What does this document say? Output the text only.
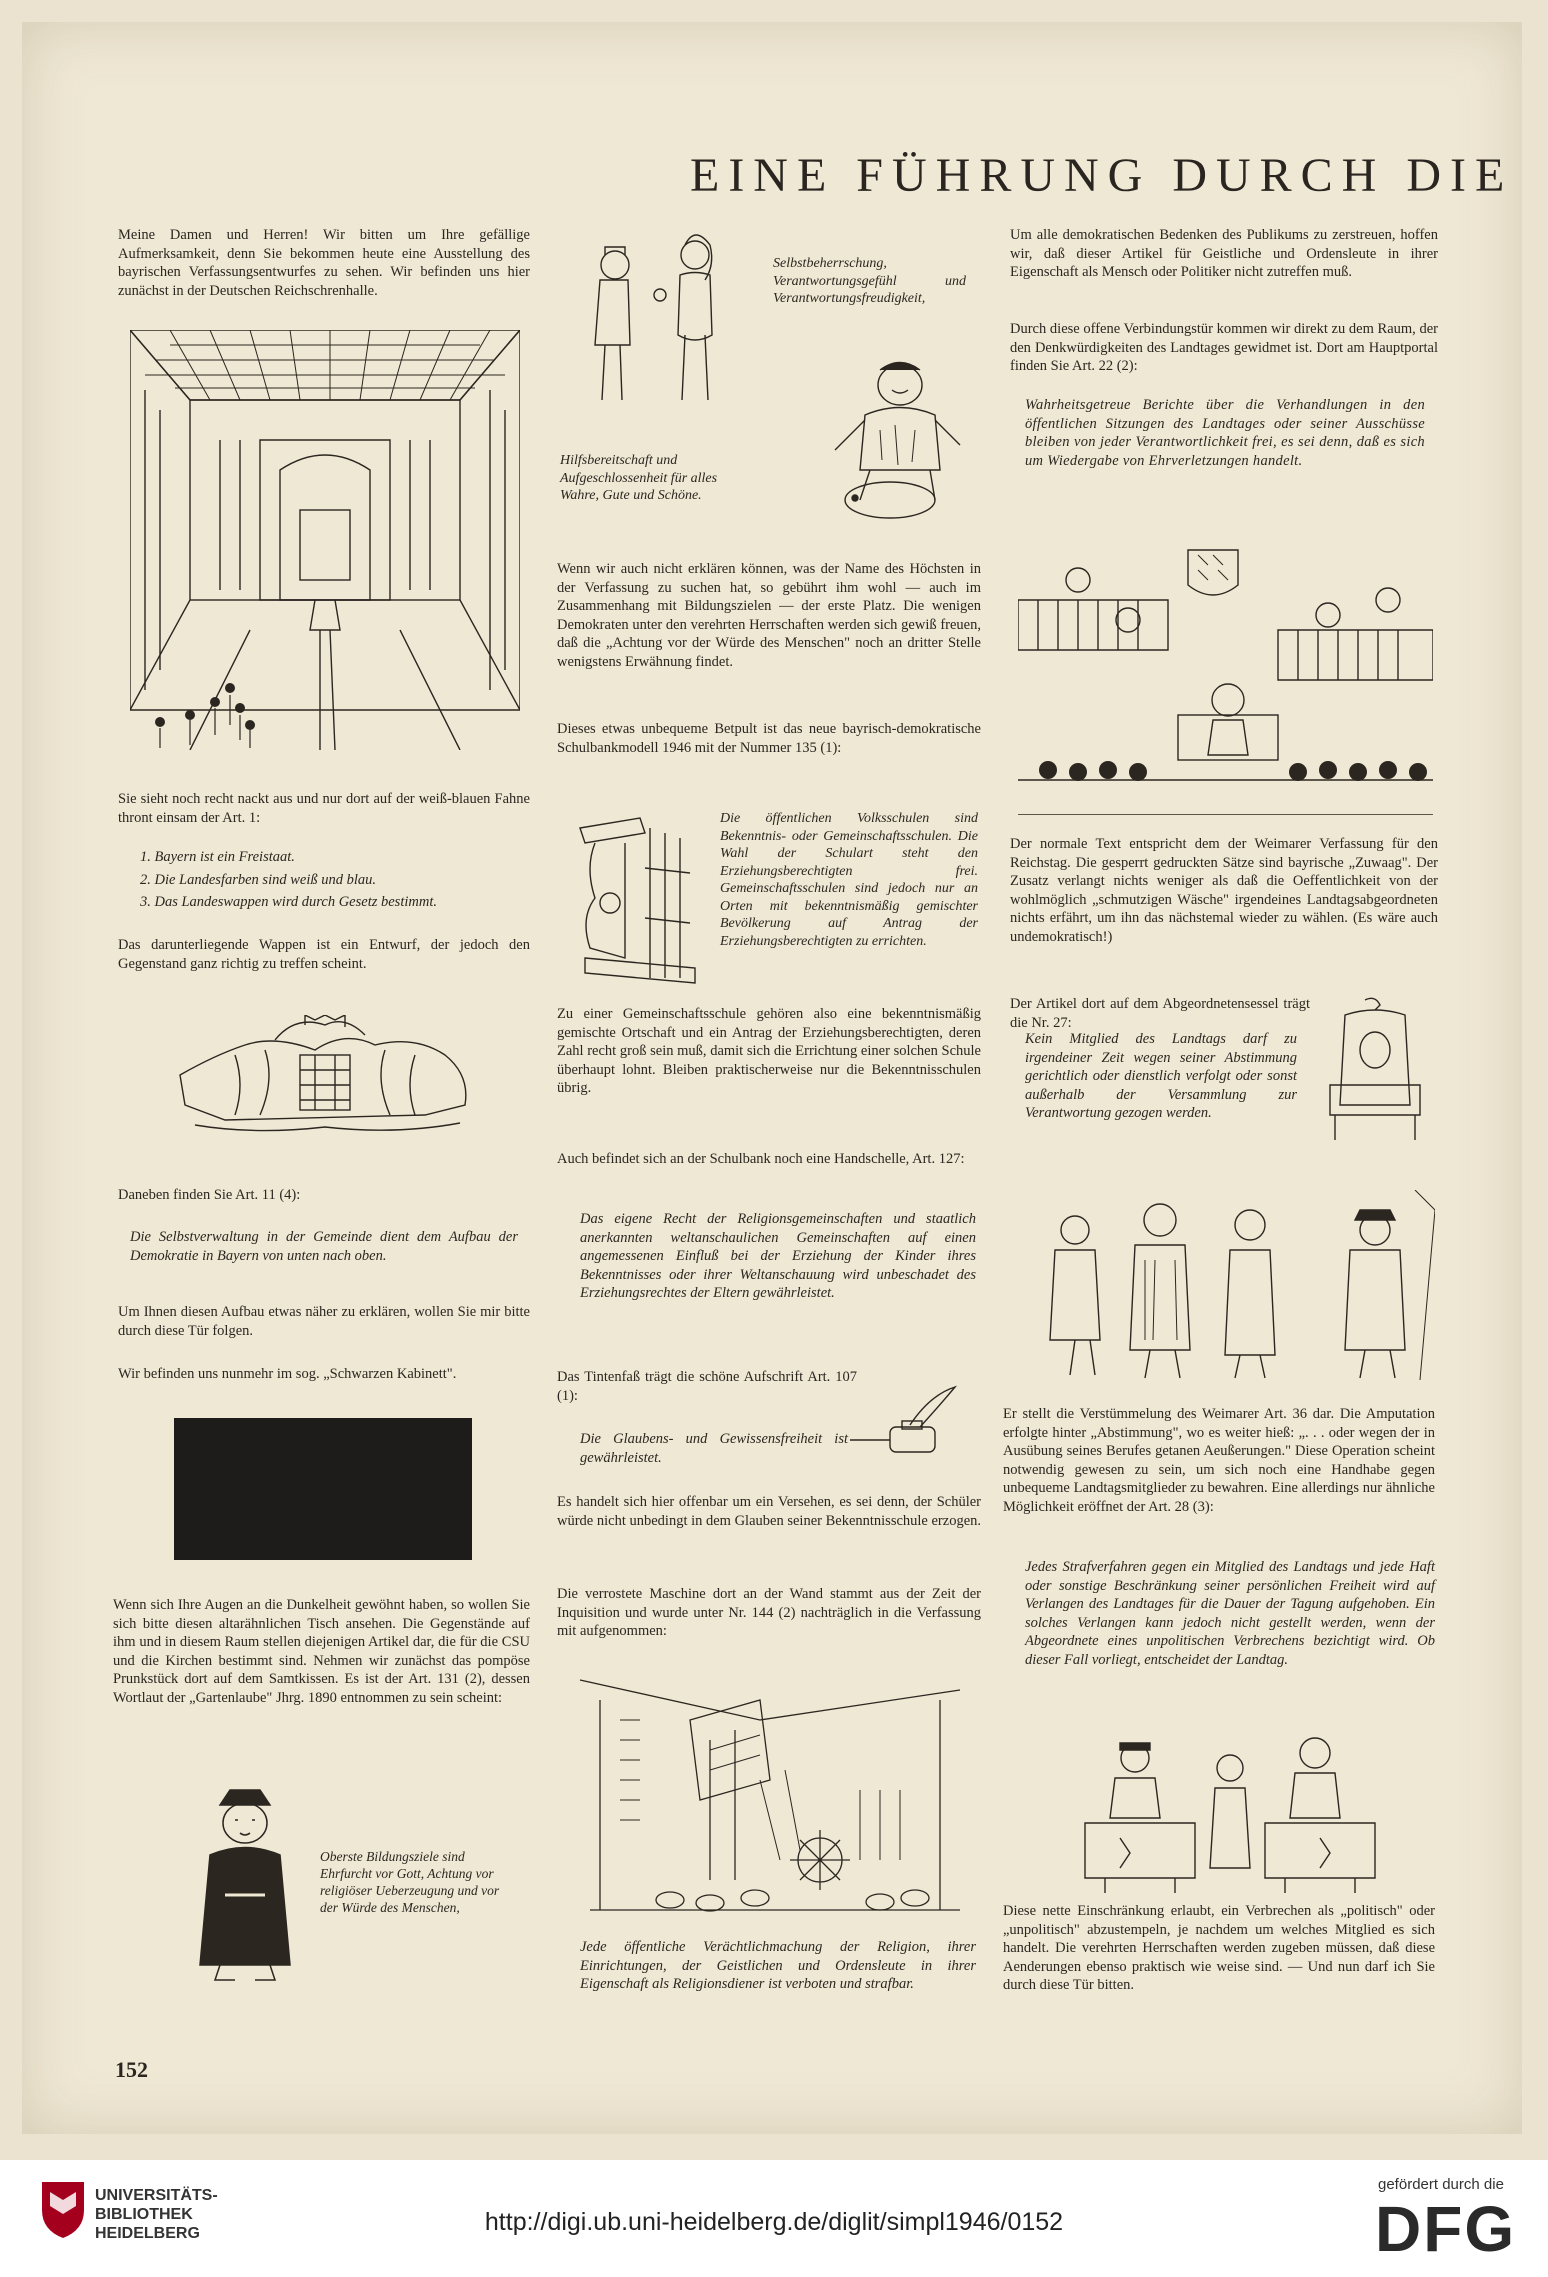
EINE FÜHRUNG DURCH DIE
Meine Damen und Herren! Wir bitten um Ihre gefällige Aufmerksamkeit, denn Sie bekommen heute eine Ausstellung des bayrischen Verfassungsentwurfes zu sehen. Wir befinden uns hier zunächst in der Deutschen Reichschrenhalle.
Sie sieht noch recht nackt aus und nur dort auf der weiß-blauen Fahne thront einsam der Art. 1:
1. Bayern ist ein Freistaat.
2. Die Landesfarben sind weiß und blau.
3. Das Landeswappen wird durch Gesetz bestimmt.
Das darunterliegende Wappen ist ein Entwurf, der jedoch den Gegenstand ganz richtig zu treffen scheint.
Daneben finden Sie Art. 11 (4):
Die Selbstverwaltung in der Gemeinde dient dem Aufbau der Demokratie in Bayern von unten nach oben.
Um Ihnen diesen Aufbau etwas näher zu erklären, wollen Sie mir bitte durch diese Tür folgen.
Wir befinden uns nunmehr im sog. „Schwarzen Kabinett".
Wenn sich Ihre Augen an die Dunkelheit gewöhnt haben, so wollen Sie sich bitte diesen altarähnlichen Tisch ansehen. Die Gegenstände auf ihm und in diesem Raum stellen diejenigen Artikel dar, die für die CSU und die Kirchen bestimmt sind. Nehmen wir zunächst das pompöse Prunkstück dort auf dem Samtkissen. Es ist der Art. 131 (2), dessen Wortlaut der „Gartenlaube" Jhrg. 1890 entnommen zu sein scheint:
Oberste Bildungsziele sind Ehrfurcht vor Gott, Achtung vor religiöser Ueberzeugung und vor der Würde des Menschen,
Selbstbeherrschung, Verantwortungsgefühl und Verantwortungsfreudigkeit,
Hilfsbereitschaft und Aufgeschlossenheit für alles Wahre, Gute und Schöne.
Wenn wir auch nicht erklären können, was der Name des Höchsten in der Verfassung zu suchen hat, so gebührt ihm wohl — auch im Zusammenhang mit Bildungszielen — der erste Platz. Die wenigen Demokraten unter den verehrten Herrschaften werden sich gewiß freuen, daß die „Achtung vor der Würde des Menschen" noch an dritter Stelle wenigstens Erwähnung findet.
Dieses etwas unbequeme Betpult ist das neue bayrisch-demokratische Schulbankmodell 1946 mit der Nummer 135 (1):
Die öffentlichen Volksschulen sind Bekenntnis- oder Gemeinschaftsschulen. Die Wahl der Schulart steht den Erziehungsberechtigten frei. Gemeinschaftsschulen sind jedoch nur an Orten mit bekenntnismäßig gemischter Bevölkerung auf Antrag der Erziehungsberechtigten zu errichten.
Zu einer Gemeinschaftsschule gehören also eine bekenntnismäßig gemischte Ortschaft und ein Antrag der Erziehungsberechtigten, deren Zahl recht groß sein muß, damit sich die Errichtung einer solchen Schule überhaupt lohnt. Bleiben praktischerweise nur die Bekenntnisschulen übrig.
Auch befindet sich an der Schulbank noch eine Handschelle, Art. 127:
Das eigene Recht der Religionsgemeinschaften und staatlich anerkannten weltanschaulichen Gemeinschaften auf einen angemessenen Einfluß bei der Erziehung der Kinder ihres Bekenntnisses oder ihrer Weltanschauung wird unbeschadet des Erziehungsrechtes der Eltern gewährleistet.
Das Tintenfaß trägt die schöne Aufschrift Art. 107 (1):
Die Glaubens- und Gewissensfreiheit ist gewährleistet.
Es handelt sich hier offenbar um ein Versehen, es sei denn, der Schüler würde nicht unbedingt in dem Glauben seiner Bekenntnisschule erzogen.
Die verrostete Maschine dort an der Wand stammt aus der Zeit der Inquisition und wurde unter Nr. 144 (2) nachträglich in die Verfassung mit aufgenommen:
Jede öffentliche Verächtlichmachung der Religion, ihrer Einrichtungen, der Geistlichen und Ordensleute in ihrer Eigenschaft als Religionsdiener ist verboten und strafbar.
Um alle demokratischen Bedenken des Publikums zu zerstreuen, hoffen wir, daß dieser Artikel für Geistliche und Ordensleute in ihrer Eigenschaft als Mensch oder Politiker nicht zutreffen muß.
Durch diese offene Verbindungstür kommen wir direkt zu dem Raum, der den Denkwürdigkeiten des Landtages gewidmet ist. Dort am Hauptportal finden Sie Art. 22 (2):
Wahrheitsgetreue Berichte über die Verhandlungen in den öffentlichen Sitzungen des Landtages oder seiner Ausschüsse bleiben von jeder Verantwortlichkeit frei, es sei denn, daß es sich um Wiedergabe von Ehrverletzungen handelt.
Der normale Text entspricht dem der Weimarer Verfassung für den Reichstag. Die gesperrt gedruckten Sätze sind bayrische „Zuwaag". Der Zusatz verlangt nichts weniger als daß die Oeffentlichkeit von der wohlmöglich „schmutzigen Wäsche" irgendeines Landtagsabgeordneten nichts erfährt, um ihn das nächstemal wieder zu wählen. (Es wäre auch undemokratisch!)
Der Artikel dort auf dem Abgeordnetensessel trägt die Nr. 27:
Kein Mitglied des Landtags darf zu irgendeiner Zeit wegen seiner Abstimmung gerichtlich oder dienstlich verfolgt oder sonst außerhalb der Versammlung zur Verantwortung gezogen werden.
Er stellt die Verstümmelung des Weimarer Art. 36 dar. Die Amputation erfolgte hinter „Abstimmung", wo es weiter hieß: „. . . oder wegen der in Ausübung seines Berufes getanen Aeußerungen." Diese Operation scheint notwendig gewesen zu sein, um sich noch eine Handhabe gegen unbequeme Landtagsmitglieder zu bewahren. Eine allerdings nur ähnliche Möglichkeit eröffnet der Art. 28 (3):
Jedes Strafverfahren gegen ein Mitglied des Landtags und jede Haft oder sonstige Beschränkung seiner persönlichen Freiheit wird auf Verlangen des Landtages für die Dauer der Tagung aufgehoben. Ein solches Verlangen kann jedoch nicht gestellt werden, wenn der Abgeordnete eines unpolitischen Verbrechens bezichtigt wird. Ob dieser Fall vorliegt, entscheidet der Landtag.
Diese nette Einschränkung erlaubt, ein Verbrechen als „politisch" oder „unpolitisch" abzustempeln, je nachdem um welches Mitglied es sich handelt. Die verehrten Herrschaften werden zugeben müssen, daß diese Aenderungen ebenso praktisch wie weise sind. — Und nun darf ich Sie durch diese Tür bitten.
152
UNIVERSITÄTS-
BIBLIOTHEK
HEIDELBERG	http://digi.ub.uni-heidelberg.de/diglit/simpl1946/0152
gefördert durch die
DFG
